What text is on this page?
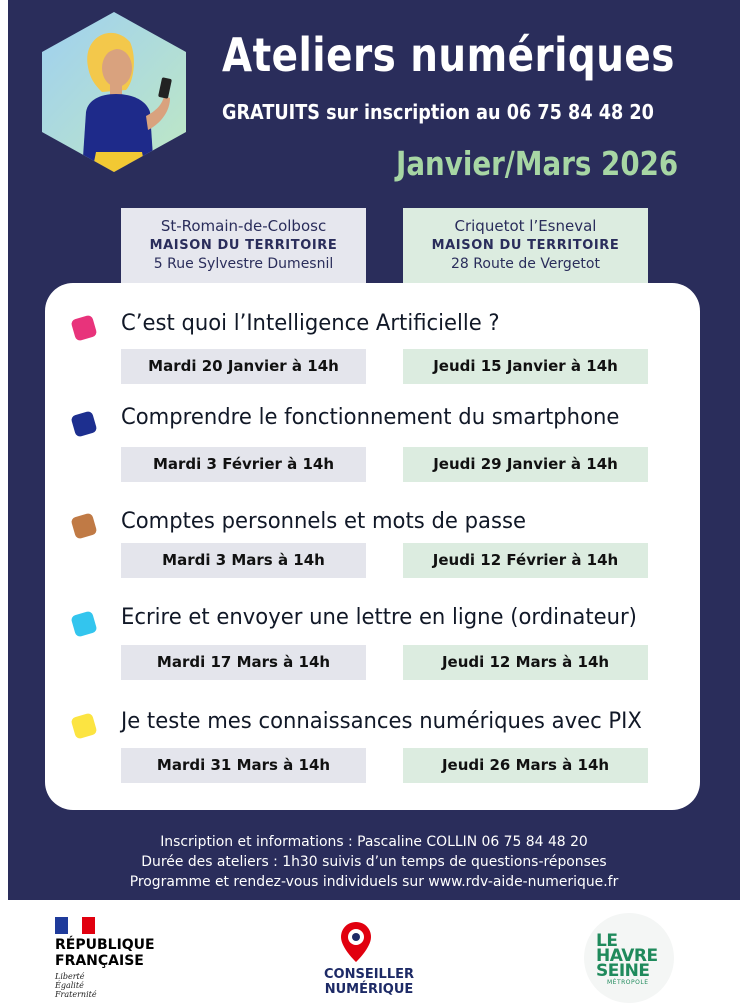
Ateliers numériques
GRATUITS sur inscription au 06 75 84 48 20
Janvier/Mars 2026
St-Romain-de-Colbosc
MAISON DU TERRITOIRE
5 Rue Sylvestre Dumesnil
Criquetot l’Esneval
MAISON DU TERRITOIRE
28 Route de Vergetot
C’est quoi l’Intelligence Artificielle ?
Mardi 20 Janvier à 14h	Jeudi 15 Janvier à 14h
Comprendre le fonctionnement du smartphone
Mardi 3 Février à 14h	Jeudi 29 Janvier à 14h
Comptes personnels et mots de passe
Mardi 3 Mars à 14h	Jeudi 12 Février à 14h
Ecrire et envoyer une lettre en ligne (ordinateur)
Mardi 17 Mars à 14h	Jeudi 12 Mars à 14h
Je teste mes connaissances numériques avec PIX
Mardi 31 Mars à 14h	Jeudi 26 Mars à 14h
Inscription et informations : Pascaline COLLIN 06 75 84 48 20
Durée des ateliers : 1h30 suivis d’un temps de questions-réponses
Programme et rendez-vous individuels sur www.rdv-aide-numerique.fr
RÉPUBLIQUE
FRANÇAISE
Liberté
Égalité
Fraternité
CONSEILLER
NUMÉRIQUE
LE
HAVRE
SEINE
MÉTROPOLE
